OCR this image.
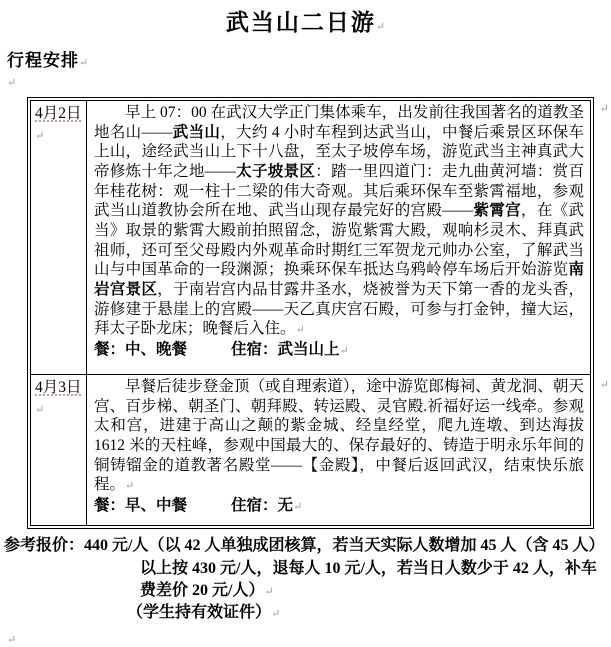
武当山二日游↵
行程安排↵
↵
↵
↵
4月2日↵	早上 07：00 在武汉大学正门集体乘车，出发前往我国著名的道教圣地名山——武当山，大约 4 小时车程到达武当山，中餐后乘景区环保车上山，途经武当山上下十八盘，至太子坡停车场，游览武当主神真武大帝修炼十年之地——太子坡景区：踏一里四道门：走九曲黄河墙：赏百年桂花树：观一柱十二梁的伟大奇观。其后乘环保车至紫霄福地，参观武当山道教协会所在地、武当山现存最完好的宫殿——紫霄宫，在《武当》取景的紫霄大殿前拍照留念，游览紫霄大殿，观响杉灵木、拜真武祖师，还可至父母殿内外观革命时期红三军贺龙元帅办公室，了解武当山与中国革命的一段渊源；换乘环保车抵达乌鸦岭停车场后开始游览南岩宫景区，于南岩宫内品甘露井圣水，烧被誉为天下第一香的龙头香，游修建于悬崖上的宫殿——天乙真庆宫石殿，可参与打金钟，撞大运，拜太子卧龙床；晚餐后入住。↵

餐：中、晚餐 住宿：武当山上↵

4月3日↵	早餐后徒步登金顶（或自理索道），途中游览郎梅祠、黄龙洞、朝天宫、百步梯、朝圣门、朝拜殿、转运殿、灵官殿.祈福好运一线牵。参观太和宫，进建于高山之颠的紫金城、经皇经堂，爬九连墩、到达海拔 1612 米的天柱峰，参观中国最大的、保存最好的、铸造于明永乐年间的铜铸镏金的道教著名殿堂——【金殿】，中餐后返回武汉，结束快乐旅程。↵

餐：早、中餐 住宿：无↵
参考报价：440 元/人（以 42 人单独成团核算，若当天实际人数增加 45 人（含 45 人）以上按 430 元/人，退每人 10 元/人，若当日人数少于 42 人，补车费差价 20 元/人）↵
（学生持有效证件）↵
↵
